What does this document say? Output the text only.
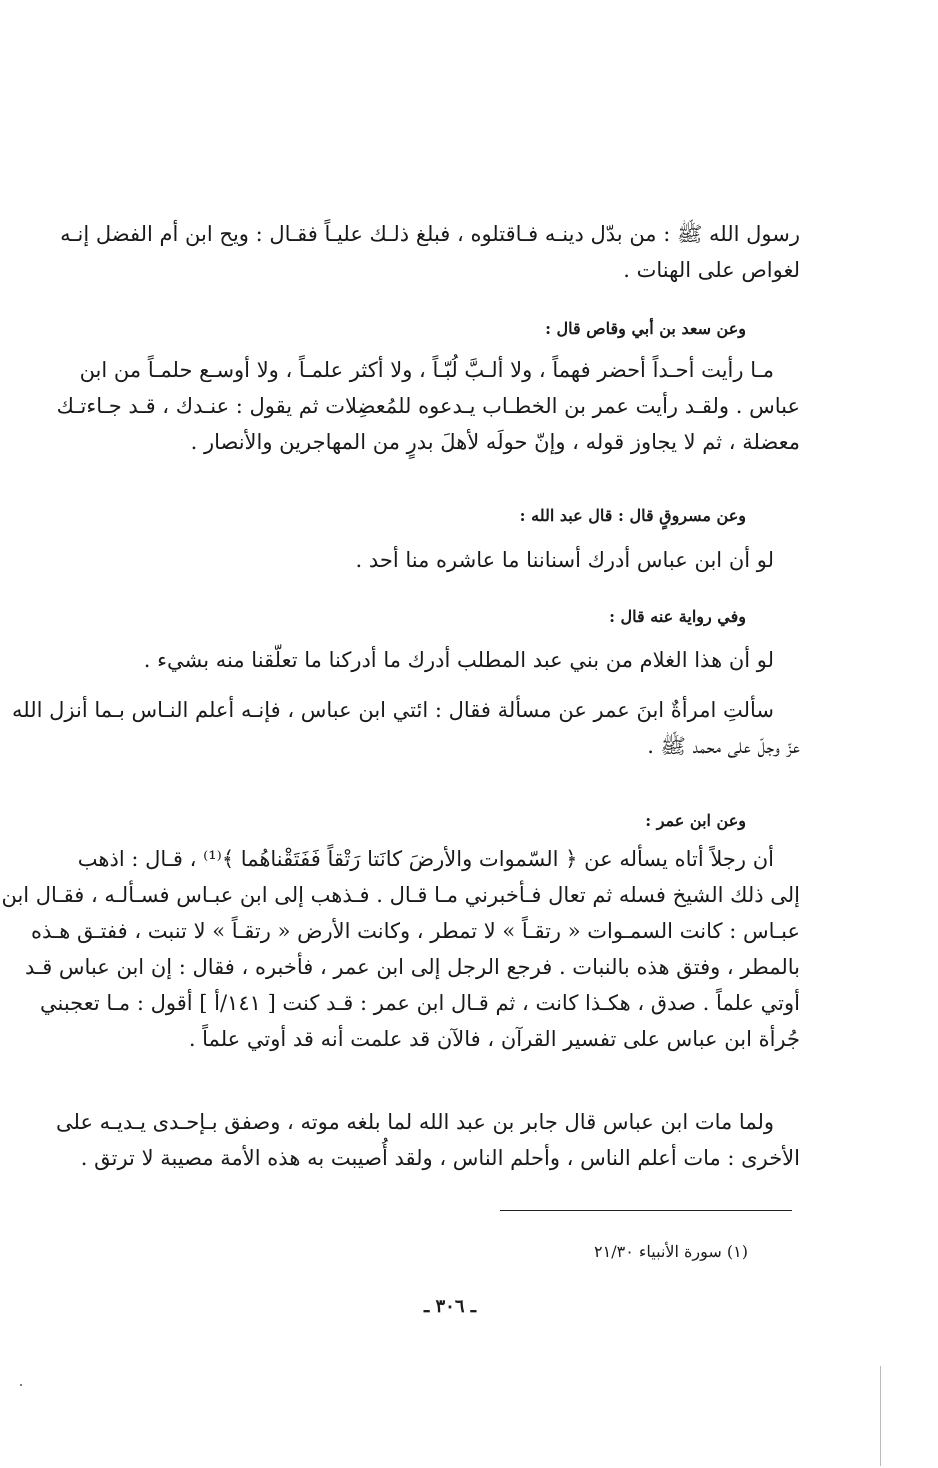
رسول الله ﷺ : من بدّل دينـه فـاقتلوه ، فبلغ ذلـك عليـاً فقـال : ويح ابن أم الفضل إنـه
لغواص على الهنات .
وعن سعد بن أبي وقاص قال :
مـا رأيت أحـداً أحضر فهماً ، ولا ألـبَّ لُبّـاً ، ولا أكثر علمـاً ، ولا أوسـع حلمـاً من ابن
عباس . ولقـد رأيت عمر بن الخطـاب يـدعوه للمُعضِلات ثم يقول : عنـدك ، قـد جـاءتـك
معضلة ، ثم لا يجاوز قوله ، وإنّ حولَه لأهلَ بدرٍ من المهاجرين والأنصار .
وعن مسروقٍ قال : قال عبد الله :
لو أن ابن عباس أدرك أسناننا ما عاشره منا أحد .
وفي رواية عنه قال :
لو أن هذا الغلام من بني عبد المطلب أدرك ما أدركنا ما تعلّقنا منه بشيء .
سألتِ امرأةٌ ابنَ عمر عن مسألة فقال : ائتي ابن عباس ، فإنـه أعلم النـاس بـما أنزل الله
عزّ وجلّ على محمد ﷺ .
وعن ابن عمر :
أن رجلاً أتاه يسأله عن ﴿ السّموات والأرضَ كانَتا رَتْقاً فَفَتَقْناهُما ﴾⁽¹⁾ ، قـال : اذهب
إلى ذلك الشيخ فسله ثم تعال فـأخبرني مـا قـال . فـذهب إلى ابن عبـاس فسـألـه ، فقـال ابن
عبـاس : كانت السمـوات « رتقـاً » لا تمطر ، وكانت الأرض « رتقـاً » لا تنبت ، ففتـق هـذه
بالمطر ، وفتق هذه بالنبات . فرجع الرجل إلى ابن عمر ، فأخبره ، فقال : إن ابن عباس قـد
أوتي علماً . صدق ، هكـذا كانت ، ثم قـال ابن عمر : قـد كنت [ ١٤١/أ ] أقول : مـا تعجبني
جُرأة ابن عباس على تفسير القرآن ، فالآن قد علمت أنه قد أوتي علماً .
ولما مات ابن عباس قال جابر بن عبد الله لما بلغه موته ، وصفق بـإحـدى يـديـه على
الأخرى : مات أعلم الناس ، وأحلم الناس ، ولقد أُصيبت به هذه الأمة مصيبة لا ترتق .
(١) سورة الأنبياء ٢١/٣٠
ـ ٣٠٦ ـ
